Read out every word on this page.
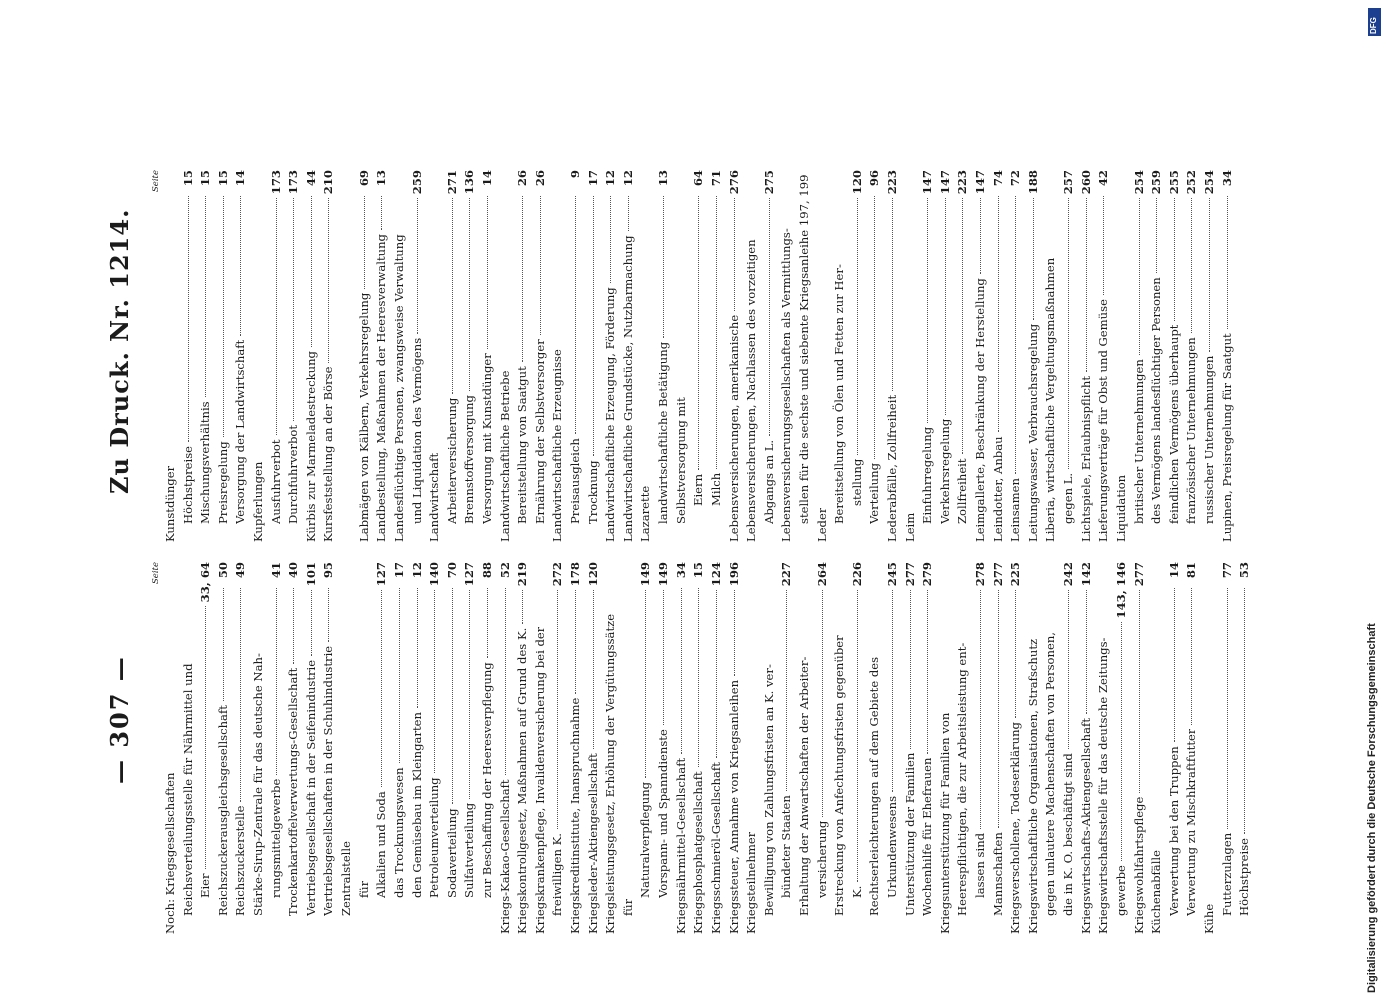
— 307 —
Zu Druck. Nr. 1214.
Seite
Noch: Kriegsgesellschaften Reichsverteilungsstelle für Nährmittel und Eier
33, 64
Reichszuckerausgleichsgesellschaft
50
Reichszuckerstelle
49
Stärke-Sirup-Zentrale für das deutsche Nah- rungsmittelgewerbe
41
Trockenkartoffelverwertungs-Gesellschaft
40
Vertriebsgesellschaft in der Seifenindustrie
101
Vertriebsgesellschaften in der Schuhindustrie
95
Zentralstelle für Alkalien und Soda
127
das Trocknungswesen
17
den Gemüsebau im Kleingarten
12
Petroleumverteilung
140
Sodaverteilung
70
Sulfatverteilung
127
zur Beschaffung der Heeresverpflegung
88
Kriegs-Kakao-Gesellschaft
52
Kriegskontrollgesetz, Maßnahmen auf Grund des K.
219
Kriegskrankenpflege, Invalidenversicherung bei der freiwilligen K.
272
Kriegskreditinstitute, Inanspruchnahme
178
Kriegsleder-Aktiengesellschaft
120
Kriegsleistungsgesetz, Erhöhung der Vergütungssätze für
Naturalverpflegung
149
Vorspann- und Spanndienste
149
Kriegsnährmittel-Gesellschaft
34
Kriegsphosphatgesellschaft
15
Kriegsschmieröl-Gesellschaft
124
Kriegssteuer, Annahme von Kriegsanleihen
196
Kriegsteilnehmer Bewilligung von Zahlungsfristen an K. ver- bündeter Staaten
227
Erhaltung der Anwartschaften der Arbeiter- versicherung
264
Erstreckung von Anfechtungsfristen gegenüber K.
226
Rechtserleichterungen auf dem Gebiete des Urkundenwesens
245
Unterstützung der Familien
277
Wochenhilfe für Ehefrauen
279
Kriegsunterstützung für Familien von Heerespflichtigen, die zur Arbeitsleistung ent- lassen sind
278
Mannschaften
277
Kriegsverschollene, Todeserklärung
225
Kriegswirtschaftliche Organisationen, Strafschutz gegen unlautere Machenschaften von Personen, die in K. O. beschäftigt sind
242
Kriegswirtschafts-Aktiengesellschaft
142
Kriegswirtschaftsstelle für das deutsche Zeitungs- gewerbe
143, 146
Kriegswohlfahrtspflege
277
Küchenabfälle Verwertung bei den Truppen
14
Verwertung zu Mischkraftfutter
81
Kühe
Futterzulagen
77
Höchstpreise
53
Seite
Kunstdünger Höchstpreise
15
Mischungsverhältnis
15
Preisregelung
15
Versorgung der Landwirtschaft
14
Kupferlungen Ausfuhrverbot
173
Durchfuhrverbot
173
Kürbis zur Marmeladestreckung
44
Kursfeststellung an der Börse
210
Labmägen von Kälbern, Verkehrsregelung
69
Landbestellung, Maßnahmen der Heeresverwaltung
13
Landesflüchtige Personen, zwangsweise Verwaltung und Liquidation des Vermögens
259
Landwirtschaft Arbeiterversicherung
271
Brennstoffversorgung
136
Versorgung mit Kunstdünger
14
Landwirtschaftliche Betriebe Bereitstellung von Saatgut
26
Ernährung der Selbstversorger
26
Landwirtschaftliche Erzeugnisse Preisausgleich
9
Trocknung
17
Landwirtschaftliche Erzeugung, Förderung
12
Landwirtschaftliche Grundstücke, Nutzbarmachung
12
Lazarette landwirtschaftliche Betätigung
13
Selbstversorgung mit Eiern
64
Milch
71
Lebensversicherungen, amerikanische
276
Lebensversicherungen, Nachlassen des vorzeitigen Abgangs an L.
275
Lebensversicherungsgesellschaften als Vermittlungs- stellen für die sechste und siebente Kriegsanleihe 197, 199
Leder
Bereitstellung von Ölen und Fetten zur Her- stellung
120
Verteilung
96
Lederabfälle, Zollfreiheit
223
Leim
Einfuhrregelung
147
Verkehrsregelung
147
Zollfreiheit
223
Leimgallerte, Beschränkung der Herstellung
147
Leindotter, Anbau
74
Leinsamen
72
Leitungswasser, Verbrauchsregelung
188
Liberia, wirtschaftliche Vergeltungsmaßnahmen gegen L.
257
Lichtspiele, Erlaubnispflicht
260
Lieferungsverträge für Obst und Gemüse
42
Liquidation britischer Unternehmungen
254
des Vermögens landesflüchtiger Personen
259
feindlichen Vermögens überhaupt
255
französischer Unternehmungen
252
russischer Unternehmungen
254
Lupinen, Preisregelung für Saatgut
34
Digitalisierung gefördert durch die Deutsche Forschungsgemeinschaft
DFG
